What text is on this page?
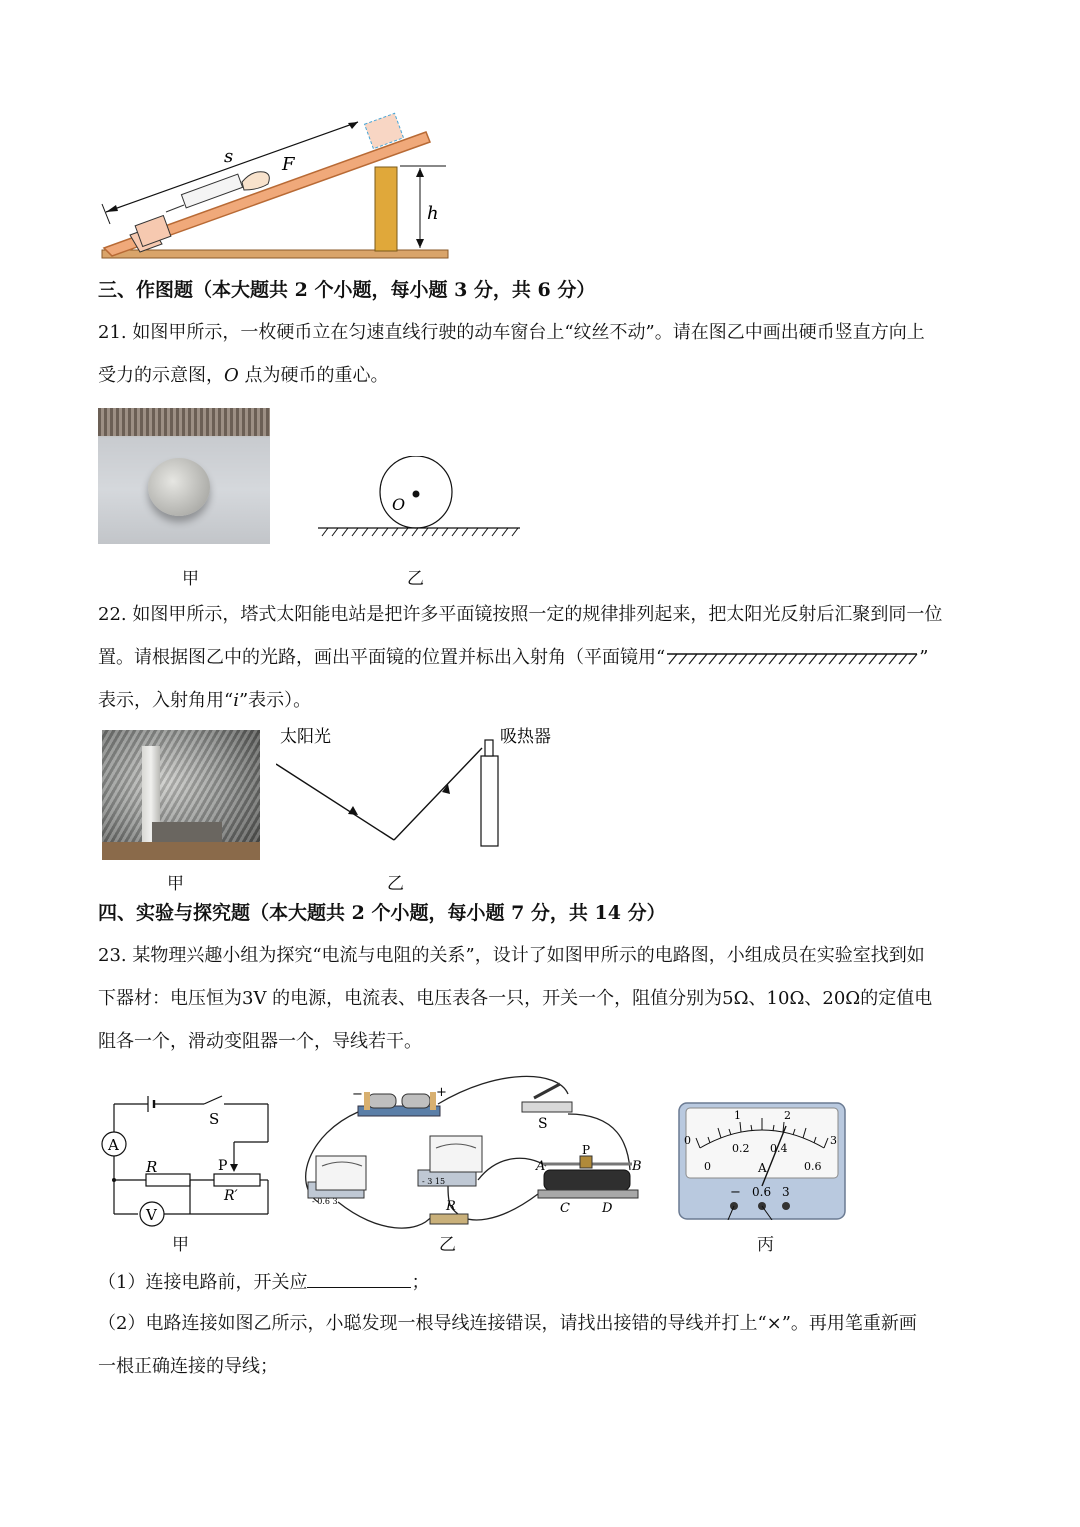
s	F
h
三、作图题（本大题共 2 个小题，每小题 3 分，共 6 分）
21. 如图甲所示，一枚硬币立在匀速直线行驶的动车窗台上“纹丝不动”。请在图乙中画出硬币竖直方向上
受力的示意图，O 点为硬币的重心。
甲
O
乙
22. 如图甲所示，塔式太阳能电站是把许多平面镜按照一定的规律排列起来，把太阳光反射后汇聚到同一位
置。请根据图乙中的光路，画出平面镜的位置并标出入射角（平面镜用“	”
表示，入射角用“i”表示）。
甲
太阳光	吸热器
乙
四、实验与探究题（本大题共 2 个小题，每小题 7 分，共 14 分）
23. 某物理兴趣小组为探究“电流与电阻的关系”，设计了如图甲所示的电路图，小组成员在实验室找到如
下器材：电压恒为3V 的电源，电流表、电压表各一只，开关一个，阻值分别为5Ω、10Ω、20Ω的定值电
阻各一个，滑动变阻器一个，导线若干。
A
S
R	P
R′
V
甲
- 0.6 3
- 3 15
−	+
S
R
P
A	B
C D
乙
0
1	2
3
0
0.2 0.4
0.6
A
− 0.6 3
丙
（1）连接电路前，开关应	；
（2）电路连接如图乙所示，小聪发现一根导线连接错误，请找出接错的导线并打上“×”。再用笔重新画
一根正确连接的导线；
